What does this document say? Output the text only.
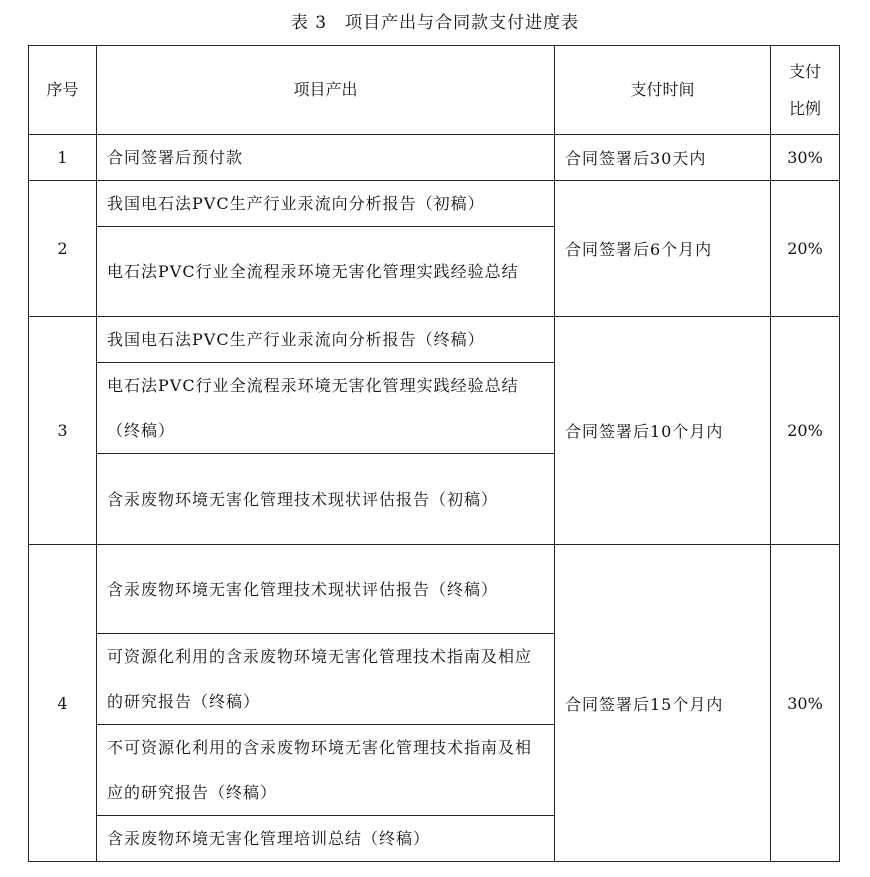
表 3　项目产出与合同款支付进度表
序号	项目产出	支付时间	支付
比例
1	合同签署后预付款	合同签署后30天内	30%
2	我国电石法PVC生产行业汞流向分析报告（初稿）	合同签署后6个月内	20%
	电石法PVC行业全流程汞环境无害化管理实践经验总结		
3	我国电石法PVC生产行业汞流向分析报告（终稿）	合同签署后10个月内	20%
	电石法PVC行业全流程汞环境无害化管理实践经验总结（终稿）		
	含汞废物环境无害化管理技术现状评估报告（初稿）		
4	含汞废物环境无害化管理技术现状评估报告（终稿）	合同签署后15个月内	30%
	可资源化利用的含汞废物环境无害化管理技术指南及相应的研究报告（终稿）		
	不可资源化利用的含汞废物环境无害化管理技术指南及相应的研究报告（终稿）		
	含汞废物环境无害化管理培训总结（终稿）		
